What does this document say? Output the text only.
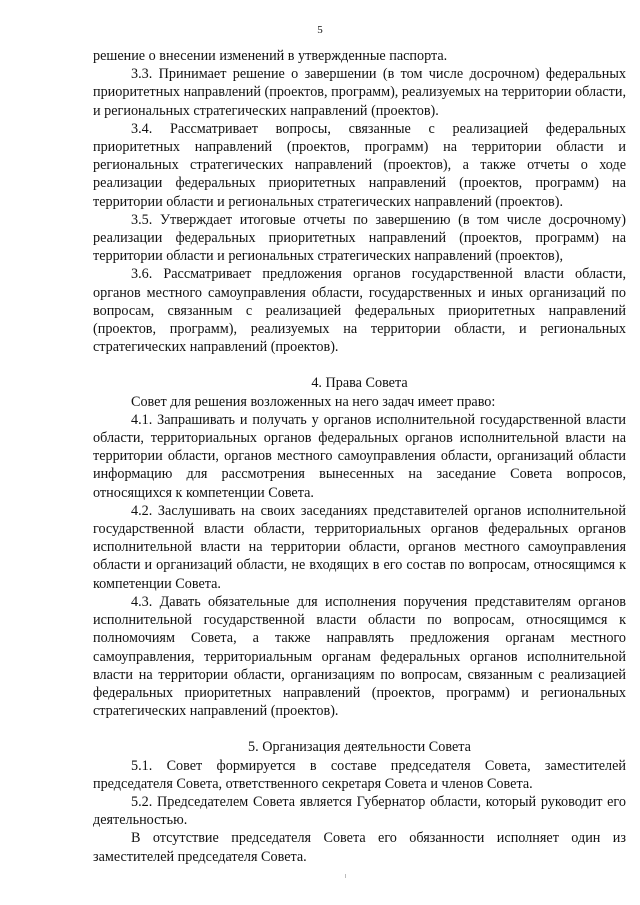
5

решение о внесении изменений в утвержденные паспорта.

3.3. Принимает решение о завершении (в том числе досрочном) федеральных приоритетных направлений (проектов, программ), реализуемых на территории области, и региональных стратегических направлений (проектов).

3.4. Рассматривает вопросы, связанные с реализацией федеральных приоритетных направлений (проектов, программ) на территории области и региональных стратегических направлений (проектов), а также отчеты о ходе реализации федеральных приоритетных направлений (проектов, программ) на территории области и региональных стратегических направлений (проектов).

3.5. Утверждает итоговые отчеты по завершению (в том числе досрочному) реализации федеральных приоритетных направлений (проектов, программ) на территории области и региональных стратегических направлений (проектов),

3.6. Рассматривает предложения органов государственной власти области, органов местного самоуправления области, государственных и иных организаций по вопросам, связанным с реализацией федеральных приоритетных направлений (проектов, программ), реализуемых на территории области, и региональных стратегических направлений (проектов).

4. Права Совета

Совет для решения возложенных на него задач имеет право:

4.1. Запрашивать и получать у органов исполнительной государственной власти области, территориальных органов федеральных органов исполнительной власти на территории области, органов местного самоуправления области, организаций области информацию для рассмотрения вынесенных на заседание Совета вопросов, относящихся к компетенции Совета.

4.2. Заслушивать на своих заседаниях представителей органов исполнительной государственной власти области, территориальных органов федеральных органов исполнительной власти на территории области, органов местного самоуправления области и организаций области, не входящих в его состав по вопросам, относящимся к компетенции Совета.

4.3. Давать обязательные для исполнения поручения представителям органов исполнительной государственной власти области по вопросам, относящимся к полномочиям Совета, а также направлять предложения органам местного самоуправления, территориальным органам федеральных органов исполнительной власти на территории области, организациям по вопросам, связанным с реализацией федеральных приоритетных направлений (проектов, программ) и региональных стратегических направлений (проектов).

5. Организация деятельности Совета

5.1. Совет формируется в составе председателя Совета, заместителей председателя Совета, ответственного секретаря Совета и членов Совета.

5.2. Председателем Совета является Губернатор области, который руководит его деятельностью.

В отсутствие председателя Совета его обязанности исполняет один из заместителей председателя Совета.
